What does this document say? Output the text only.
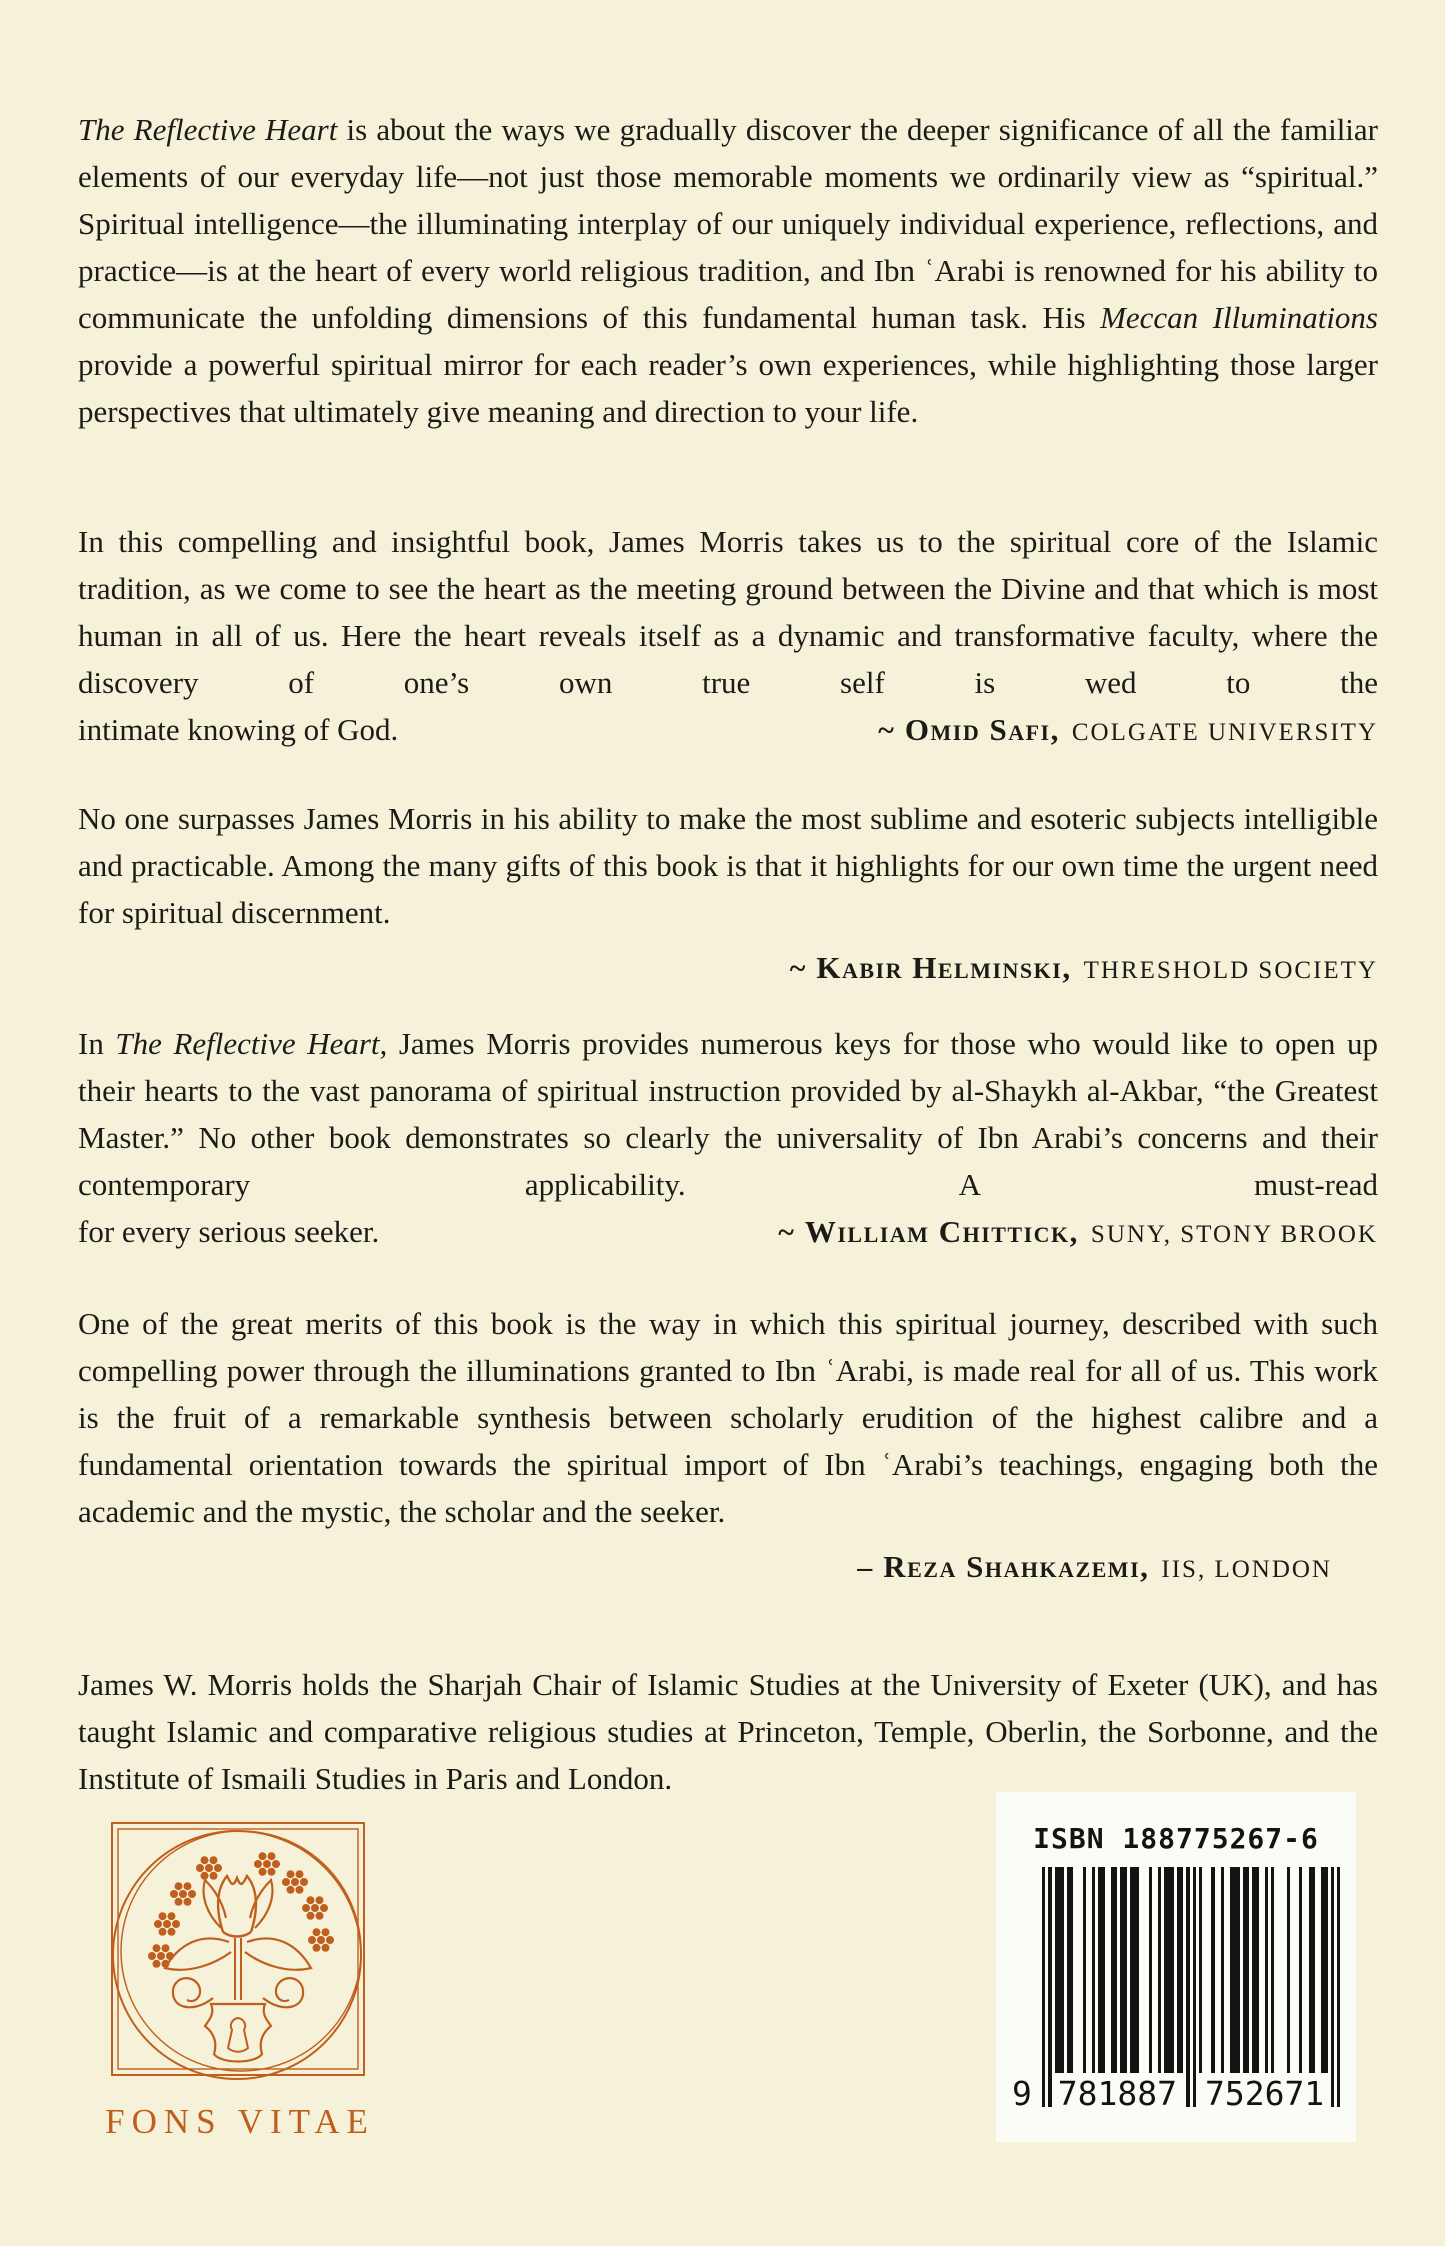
The Reflective Heart is about the ways we gradually discover the deeper significance of all the familiar elements of our everyday life—not just those memorable moments we ordinarily view as “spiritual.” Spiritual intelligence—the illuminating interplay of our uniquely individual experience, reflections, and practice—is at the heart of every world religious tradition, and Ibn ʿArabi is renowned for his ability to communicate the unfolding dimensions of this fundamental human task. His Meccan Illuminations provide a powerful spiritual mirror for each reader’s own experiences, while highlighting those larger perspectives that ultimately give meaning and direction to your life.

In this compelling and insightful book, James Morris takes us to the spiritual core of the Islamic tradition, as we come to see the heart as the meeting ground between the Divine and that which is most human in all of us. Here the heart reveals itself as a dynamic and transformative faculty, where the discovery of one’s own true self is wed to the
intimate knowing of God.	~ Omid Safi, COLGATE UNIVERSITY
No one surpasses James Morris in his ability to make the most sublime and esoteric subjects intelligible and practicable. Among the many gifts of this book is that it highlights for our own time the urgent need for spiritual discernment.
~ Kabir Helminski, THRESHOLD SOCIETY
In The Reflective Heart, James Morris provides numerous keys for those who would like to open up their hearts to the vast panorama of spiritual instruction provided by al-Shaykh al-Akbar, “the Greatest Master.” No other book demonstrates so clearly the universality of Ibn Arabi’s concerns and their contemporary applicability. A must-read
for every serious seeker.	~ William Chittick, SUNY, STONY BROOK
One of the great merits of this book is the way in which this spiritual journey, described with such compelling power through the illuminations granted to Ibn ʿArabi, is made real for all of us. This work is the fruit of a remarkable synthesis between scholarly erudition of the highest calibre and a fundamental orientation towards the spiritual import of Ibn ʿArabi’s teachings, engaging both the academic and the mystic, the scholar and the seeker.
– Reza Shahkazemi, IIS, LONDON

James W. Morris holds the Sharjah Chair of Islamic Studies at the University of Exeter (UK), and has taught Islamic and comparative religious studies at Princeton, Temple, Oberlin, the Sorbonne, and the Institute of Ismaili Studies in Paris and London.

FONS VITAE
ISBN 188775267-6
9 781887 752671
